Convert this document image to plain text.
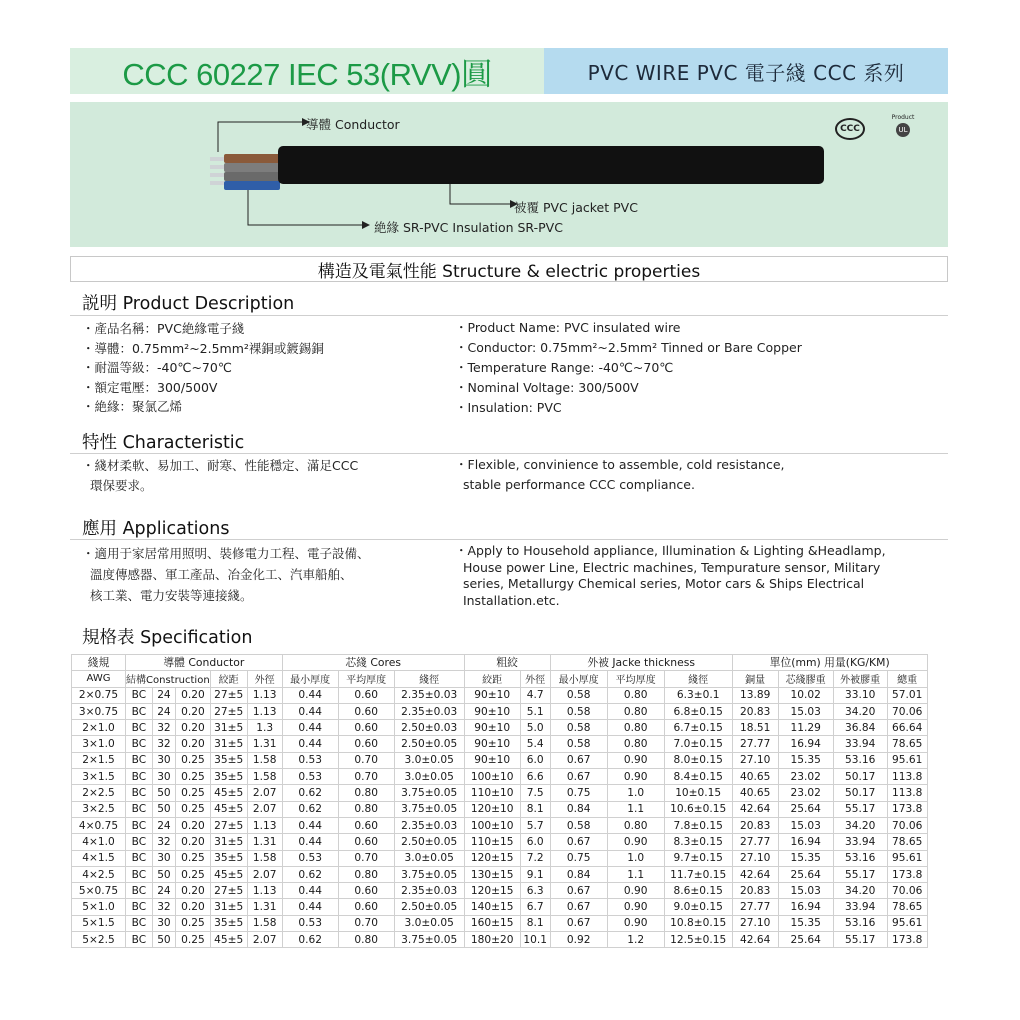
CCC 60227 IEC 53(RVV)圓	PVC WIRE PVC 電子綫 CCC 系列
導體 Conductor
被覆 PVC jacket PVC
絶緣 SR-PVC Insulation SR-PVC
CCC
Product
UL
構造及電氣性能 Structure & electric properties
説明 Product Description
・產品名稱：PVC絶緣電子綫
・導體：0.75mm²~2.5mm²裸銅或鍍錫銅
・耐溫等級：-40℃~70℃
・額定電壓：300/500V
・絶緣：聚氯乙烯
・Product Name: PVC insulated wire
・Conductor: 0.75mm²~2.5mm² Tinned or Bare Copper
・Temperature Range: -40℃~70℃
・Nominal Voltage: 300/500V
・Insulation: PVC
特性 Characteristic
・綫材柔軟、易加工、耐寒、性能穩定、滿足CCC
環保要求。
・Flexible, convinience to assemble, cold resistance,
stable performance CCC compliance.
應用 Applications
・適用于家居常用照明、裝修電力工程、電子設備、
溫度傳感器、軍工產品、冶金化工、汽車船舶、
核工業、電力安裝等連接綫。
・Apply to Household appliance, Illumination & Lighting &Headlamp,
House power Line, Electric machines, Tempurature sensor, Military
series, Metallurgy Chemical series, Motor cars & Ships Electrical
Installation.etc.
規格表 Specification
綫規	導體 Conductor					芯綫 Cores			粗絞		外被 Jacke thickness			單位(mm) 用量(KG/KM)			
AWG	結構Construction			絞距	外徑	最小厚度	平均厚度	綫徑	絞距	外徑	最小厚度	平均厚度	綫徑	銅量	芯綫膠重	外被膠重	總重
2×0.75	BC	24	0.20	27±5	1.13	0.44	0.60	2.35±0.03	90±10	4.7	0.58	0.80	6.3±0.1	13.89	10.02	33.10	57.01
3×0.75	BC	24	0.20	27±5	1.13	0.44	0.60	2.35±0.03	90±10	5.1	0.58	0.80	6.8±0.15	20.83	15.03	34.20	70.06
2×1.0	BC	32	0.20	31±5	1.3	0.44	0.60	2.50±0.03	90±10	5.0	0.58	0.80	6.7±0.15	18.51	11.29	36.84	66.64
3×1.0	BC	32	0.20	31±5	1.31	0.44	0.60	2.50±0.05	90±10	5.4	0.58	0.80	7.0±0.15	27.77	16.94	33.94	78.65
2×1.5	BC	30	0.25	35±5	1.58	0.53	0.70	3.0±0.05	90±10	6.0	0.67	0.90	8.0±0.15	27.10	15.35	53.16	95.61
3×1.5	BC	30	0.25	35±5	1.58	0.53	0.70	3.0±0.05	100±10	6.6	0.67	0.90	8.4±0.15	40.65	23.02	50.17	113.8
2×2.5	BC	50	0.25	45±5	2.07	0.62	0.80	3.75±0.05	110±10	7.5	0.75	1.0	10±0.15	40.65	23.02	50.17	113.8
3×2.5	BC	50	0.25	45±5	2.07	0.62	0.80	3.75±0.05	120±10	8.1	0.84	1.1	10.6±0.15	42.64	25.64	55.17	173.8
4×0.75	BC	24	0.20	27±5	1.13	0.44	0.60	2.35±0.03	100±10	5.7	0.58	0.80	7.8±0.15	20.83	15.03	34.20	70.06
4×1.0	BC	32	0.20	31±5	1.31	0.44	0.60	2.50±0.05	110±15	6.0	0.67	0.90	8.3±0.15	27.77	16.94	33.94	78.65
4×1.5	BC	30	0.25	35±5	1.58	0.53	0.70	3.0±0.05	120±15	7.2	0.75	1.0	9.7±0.15	27.10	15.35	53.16	95.61
4×2.5	BC	50	0.25	45±5	2.07	0.62	0.80	3.75±0.05	130±15	9.1	0.84	1.1	11.7±0.15	42.64	25.64	55.17	173.8
5×0.75	BC	24	0.20	27±5	1.13	0.44	0.60	2.35±0.03	120±15	6.3	0.67	0.90	8.6±0.15	20.83	15.03	34.20	70.06
5×1.0	BC	32	0.20	31±5	1.31	0.44	0.60	2.50±0.05	140±15	6.7	0.67	0.90	9.0±0.15	27.77	16.94	33.94	78.65
5×1.5	BC	30	0.25	35±5	1.58	0.53	0.70	3.0±0.05	160±15	8.1	0.67	0.90	10.8±0.15	27.10	15.35	53.16	95.61
5×2.5	BC	50	0.25	45±5	2.07	0.62	0.80	3.75±0.05	180±20	10.1	0.92	1.2	12.5±0.15	42.64	25.64	55.17	173.8
